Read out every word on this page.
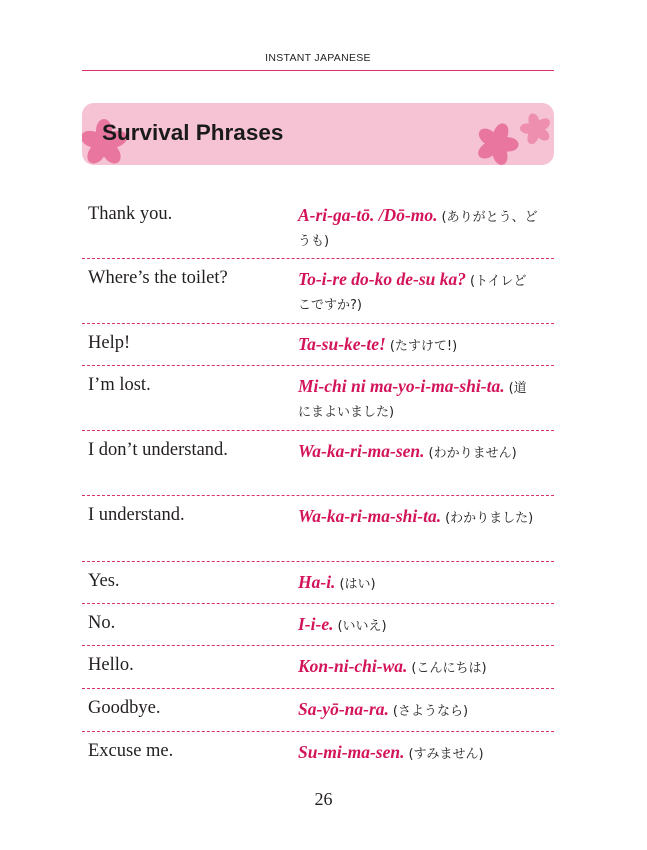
INSTANT JAPANESE
Survival Phrases
Thank you.	A-ri-ga-tō. /Dō-mo. (ありがとう、どうも)
Where’s the toilet?	To-i-re do-ko de-su ka? (トイレどこですか?)
Help!	Ta-su-ke-te! (たすけて!)
I’m lost.	Mi-chi ni ma-yo-i-ma-shi-ta. (道にまよいました)
I don’t understand.	Wa-ka-ri-ma-sen. (わかりません)
I understand.	Wa-ka-ri-ma-shi-ta. (わかりました)
Yes.	Ha-i. (はい)
No.	I-i-e. (いいえ)
Hello.	Kon-ni-chi-wa. (こんにちは)
Goodbye.	Sa-yō-na-ra. (さようなら)
Excuse me.	Su-mi-ma-sen. (すみません)
26
